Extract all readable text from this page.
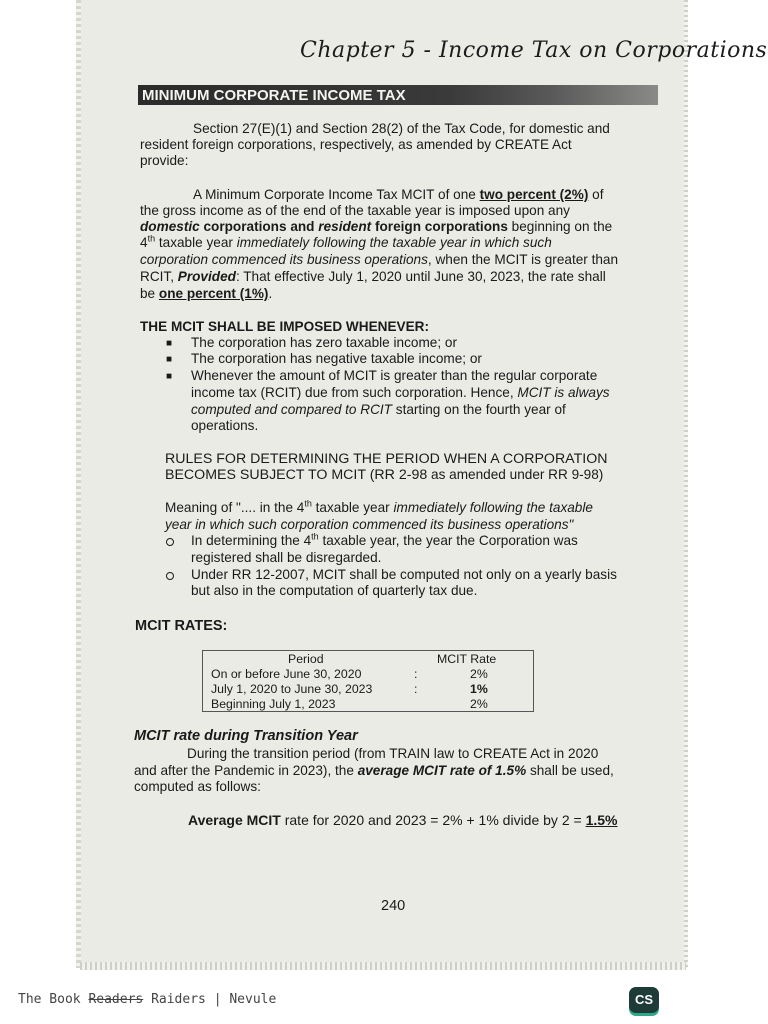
Chapter 5 - Income Tax on Corporations
MINIMUM CORPORATE INCOME TAX
Section 27(E)(1) and Section 28(2) of the Tax Code, for domestic and
resident foreign corporations, respectively, as amended by CREATE Act
provide:
A Minimum Corporate Income Tax MCIT of one two percent (2%) of
the gross income as of the end of the taxable year is imposed upon any
domestic corporations and resident foreign corporations beginning on the
4th taxable year immediately following the taxable year in which such
corporation commenced its business operations, when the MCIT is greater than
RCIT, Provided: That effective July 1, 2020 until June 30, 2023, the rate shall
be one percent (1%).
THE MCIT SHALL BE IMPOSED WHENEVER:
■ The corporation has zero taxable income; or
■ The corporation has negative taxable income; or
■ Whenever the amount of MCIT is greater than the regular corporate
income tax (RCIT) due from such corporation. Hence, MCIT is always
computed and compared to RCIT starting on the fourth year of
operations.
RULES FOR DETERMINING THE PERIOD WHEN A CORPORATION
BECOMES SUBJECT TO MCIT (RR 2-98 as amended under RR 9-98)
Meaning of ".... in the 4th taxable year immediately following the taxable
year in which such corporation commenced its business operations"
In determining the 4th taxable year, the year the Corporation was
registered shall be disregarded.
Under RR 12-2007, MCIT shall be computed not only on a yearly basis
but also in the computation of quarterly tax due.
MCIT RATES:
Period	MCIT Rate
On or before June 30, 2020	:	2%
July 1, 2020 to June 30, 2023	:	1%
Beginning July 1, 2023	2%
MCIT rate during Transition Year
During the transition period (from TRAIN law to CREATE Act in 2020
and after the Pandemic in 2023), the average MCIT rate of 1.5% shall be used,
computed as follows:
Average MCIT rate for 2020 and 2023 = 2% + 1% divide by 2 = 1.5%
240
The Book Readers Raiders | Nevule	CS
